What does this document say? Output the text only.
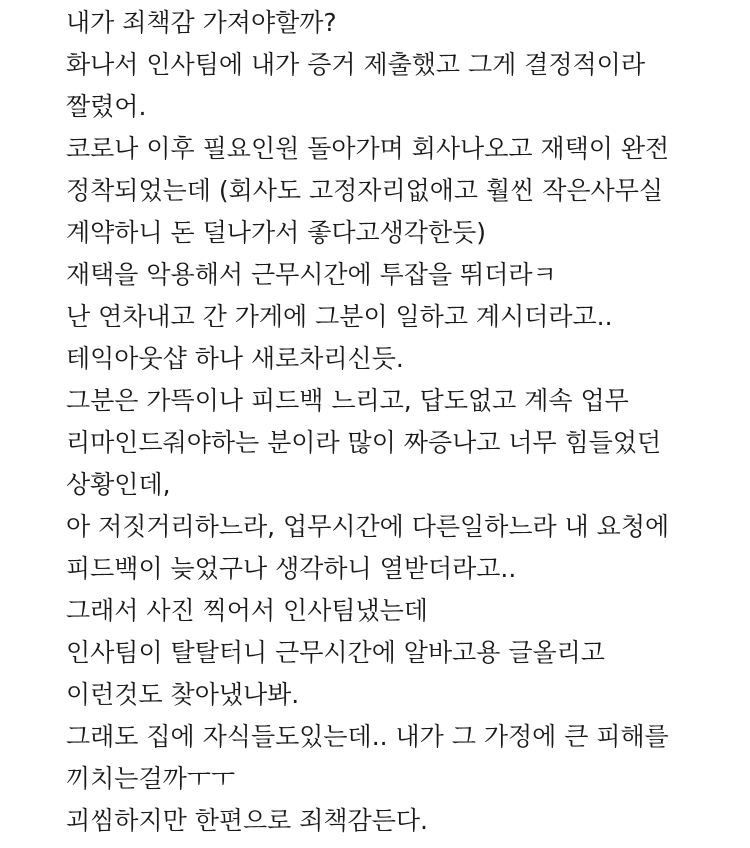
내가 죄책감 가져야할까?
화나서 인사팀에 내가 증거 제출했고 그게 결정적이라
짤렸어.
코로나 이후 필요인원 돌아가며 회사나오고 재택이 완전
정착되었는데 (회사도 고정자리없애고 훨씬 작은사무실
계약하니 돈 덜나가서 좋다고생각한듯)
재택을 악용해서 근무시간에 투잡을 뛰더라ㅋ
난 연차내고 간 가게에 그분이 일하고 계시더라고..
테익아웃샵 하나 새로차리신듯.
그분은 가뜩이나 피드백 느리고, 답도없고 계속 업무
리마인드줘야하는 분이라 많이 짜증나고 너무 힘들었던
상황인데,
아 저짓거리하느라, 업무시간에 다른일하느라 내 요청에
피드백이 늦었구나 생각하니 열받더라고..
그래서 사진 찍어서 인사팀냈는데
인사팀이 탈탈터니 근무시간에 알바고용 글올리고
이런것도 찾아냈나봐.
그래도 집에 자식들도있는데.. 내가 그 가정에 큰 피해를
끼치는걸까ㅜㅜ
괴씸하지만 한편으로 죄책감든다.
